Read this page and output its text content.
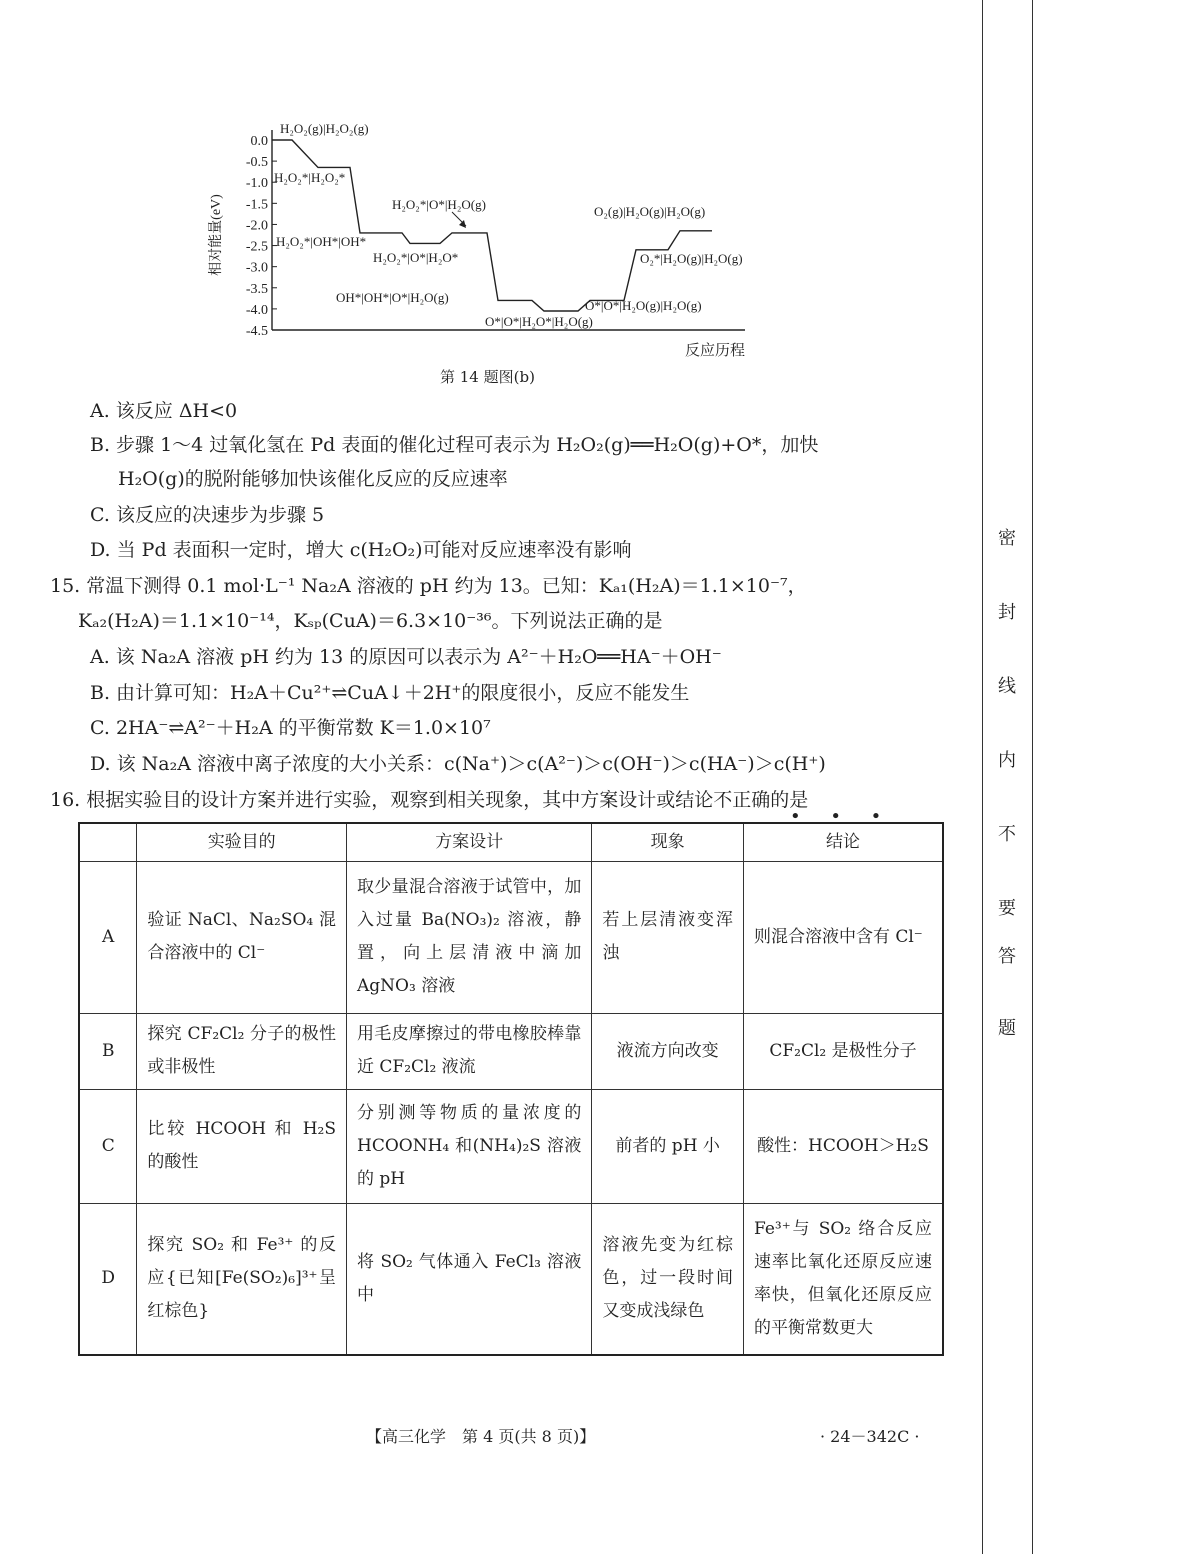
0.0
-0.5
-1.0
-1.5
-2.0
-2.5
-3.0
-3.5
-4.0
-4.5
相对能量(eV)
反应历程
H₂O₂(g)|H₂O₂(g)
H₂O₂*|H₂O₂*
H₂O₂*|OH*|OH*
H₂O₂*|O*|H₂O(g)
OH*|OH*|O*|H₂O(g)
O*|O*|H₂O*|H₂O(g)
O*|O*|H₂O(g)|H₂O(g)
O₂*|H₂O(g)|H₂O(g)
O₂(g)|H₂O(g)|H₂O(g)
H₂O₂*|O*|H₂O*
第 14 题图(b)
A. 该反应 ΔH<0
B. 步骤 1～4 过氧化氢在 Pd 表面的催化过程可表示为 H₂O₂(g)══H₂O(g)+O*，加快
H₂O(g)的脱附能够加快该催化反应的反应速率
C. 该反应的决速步为步骤 5
D. 当 Pd 表面积一定时，增大 c(H₂O₂)可能对反应速率没有影响
15. 常温下测得 0.1 mol·L⁻¹ Na₂A 溶液的 pH 约为 13。已知：Kₐ₁(H₂A)＝1.1×10⁻⁷，
Kₐ₂(H₂A)＝1.1×10⁻¹⁴，Kₛₚ(CuA)＝6.3×10⁻³⁶。下列说法正确的是
A. 该 Na₂A 溶液 pH 约为 13 的原因可以表示为 A²⁻＋H₂O══HA⁻＋OH⁻
B. 由计算可知：H₂A＋Cu²⁺⇌CuA↓＋2H⁺的限度很小，反应不能发生
C. 2HA⁻⇌A²⁻＋H₂A 的平衡常数 K＝1.0×10⁷
D. 该 Na₂A 溶液中离子浓度的大小关系：c(Na⁺)＞c(A²⁻)＞c(OH⁻)＞c(HA⁻)＞c(H⁺)
16. 根据实验目的设计方案并进行实验，观察到相关现象，其中方案设计或结论不正确的是
• • •
	实验目的	方案设计	现象	结论
A	验证 NaCl、Na₂SO₄ 混合溶液中的 Cl⁻	取少量混合溶液于试管中，加入过量 Ba(NO₃)₂ 溶液，静置，向上层清液中滴加 AgNO₃ 溶液	若上层清液变浑浊	则混合溶液中含有 Cl⁻
B	探究 CF₂Cl₂ 分子的极性或非极性	用毛皮摩擦过的带电橡胶棒靠近 CF₂Cl₂ 液流	液流方向改变	CF₂Cl₂ 是极性分子
C	比较 HCOOH 和 H₂S 的酸性	分别测等物质的量浓度的 HCOONH₄ 和(NH₄)₂S 溶液的 pH	前者的 pH 小	酸性：HCOOH＞H₂S
D	探究 SO₂ 和 Fe³⁺ 的反应{已知[Fe(SO₂)₆]³⁺呈红棕色}	将 SO₂ 气体通入 FeCl₃ 溶液中	溶液先变为红棕色，过一段时间又变成浅绿色	Fe³⁺与 SO₂ 络合反应速率比氧化还原反应速率快，但氧化还原反应的平衡常数更大
密
封
线
内
不
要
答
题
【高三化学　第 4 页(共 8 页)】	· 24－342C ·
